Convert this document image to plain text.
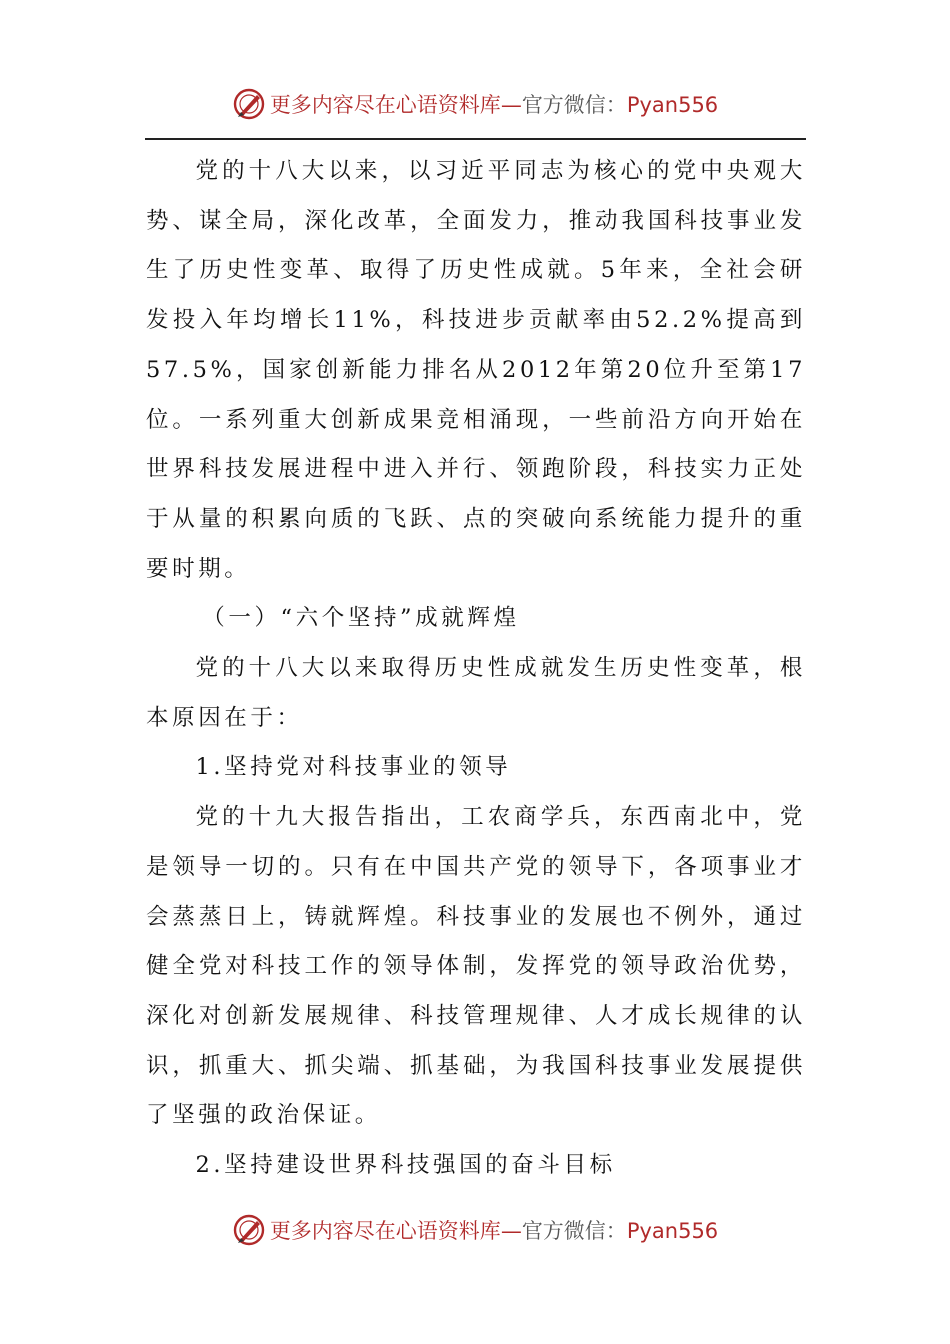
更多内容尽在心语资料库—官方微信：Pyan556

党的十八大以来，以习近平同志为核心的党中央观大势、谋全局，深化改革，全面发力，推动我国科技事业发生了历史性变革、取得了历史性成就。5年来，全社会研发投入年均增长11%，科技进步贡献率由52.2%提高到57.5%，国家创新能力排名从2012年第20位升至第17位。一系列重大创新成果竞相涌现，一些前沿方向开始在世界科技发展进程中进入并行、领跑阶段，科技实力正处于从量的积累向质的飞跃、点的突破向系统能力提升的重要时期。

（一）“六个坚持”成就辉煌

党的十八大以来取得历史性成就发生历史性变革，根本原因在于：

1.坚持党对科技事业的领导

党的十九大报告指出，工农商学兵，东西南北中，党是领导一切的。只有在中国共产党的领导下，各项事业才会蒸蒸日上，铸就辉煌。科技事业的发展也不例外，通过健全党对科技工作的领导体制，发挥党的领导政治优势，深化对创新发展规律、科技管理规律、人才成长规律的认识，抓重大、抓尖端、抓基础，为我国科技事业发展提供了坚强的政治保证。

2.坚持建设世界科技强国的奋斗目标

更多内容尽在心语资料库—官方微信：Pyan556
